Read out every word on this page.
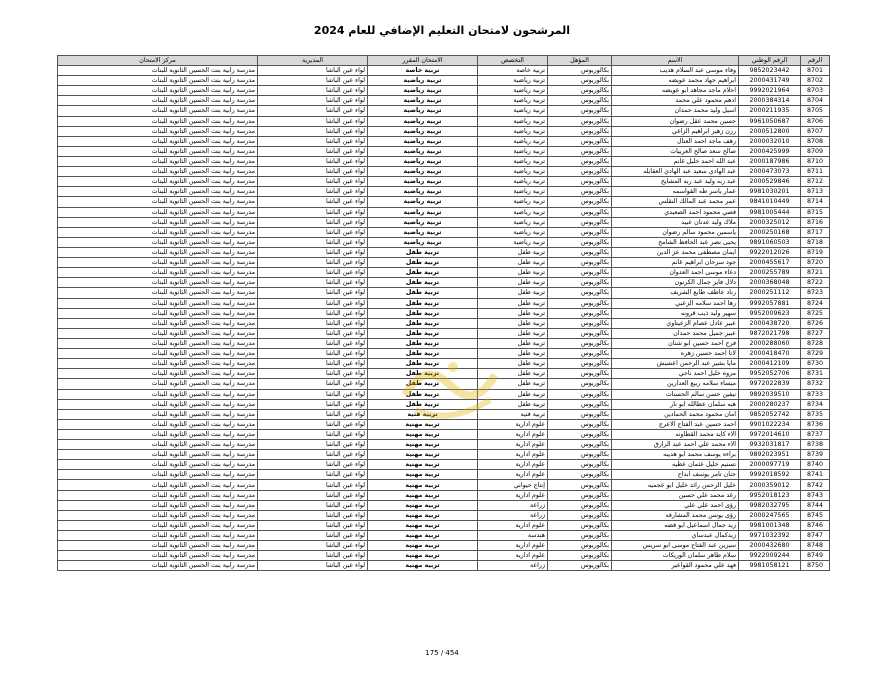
المرشحون لامتحان التعليم الإضافي للعام 2024
الرقم	الرقم الوطني	الاسم	المؤهل	التخصص	الامتحان المقرر	المديرية	مركز الامتحان
8701	9852023442	وفاء موسى عبد السلام هديب	بكالوريوس	تربية خاصة	تربية خاصة	لواء عين الباشا	مدرسة رابية بنت الحسين الثانوية للبنات
8702	2000431749	ابراهيم جهاد محمد عويضه	بكالوريوس	تربية رياضية	تربية رياضية	لواء عين الباشا	مدرسة رابية بنت الحسين الثانوية للبنات
8703	9992021964	احلام ماجد مجاهد ابو عويضه	بكالوريوس	تربية رياضية	تربية رياضية	لواء عين الباشا	مدرسة رابية بنت الحسين الثانوية للبنات
8704	2000384314	ادهم محمود علي محمد	بكالوريوس	تربية رياضية	تربية رياضية	لواء عين الباشا	مدرسة رابية بنت الحسين الثانوية للبنات
8705	2000211935	اسيل وليد محمد حمدان	بكالوريوس	تربية رياضية	تربية رياضية	لواء عين الباشا	مدرسة رابية بنت الحسين الثانوية للبنات
8706	9961050687	حسين محمد عقل رضوان	بكالوريوس	تربية رياضية	تربية رياضية	لواء عين الباشا	مدرسة رابية بنت الحسين الثانوية للبنات
8707	2000512800	رزن زهير ابراهيم الزاغي	بكالوريوس	تربية رياضية	تربية رياضية	لواء عين الباشا	مدرسة رابية بنت الحسين الثانوية للبنات
8708	2000032010	رهف ماجد احمد العتال	بكالوريوس	تربية رياضية	تربية رياضية	لواء عين الباشا	مدرسة رابية بنت الحسين الثانوية للبنات
8709	2000425999	صالح سعد صالح العربيات	بكالوريوس	تربية رياضية	تربية رياضية	لواء عين الباشا	مدرسة رابية بنت الحسين الثانوية للبنات
8710	2000187986	عبد الله احمد خليل غانم	بكالوريوس	تربية رياضية	تربية رياضية	لواء عين الباشا	مدرسة رابية بنت الحسين الثانوية للبنات
8711	2000473073	عبد الهادي سعيد عبد الهادي العقايله	بكالوريوس	تربية رياضية	تربية رياضية	لواء عين الباشا	مدرسة رابية بنت الحسين الثانوية للبنات
8712	2000529846	عبد ربه وليد عبد ربه المشايخ	بكالوريوس	تربية رياضية	تربية رياضية	لواء عين الباشا	مدرسة رابية بنت الحسين الثانوية للبنات
8713	9981030201	عمار ياسر طه القواسمه	بكالوريوس	تربية رياضية	تربية رياضية	لواء عين الباشا	مدرسة رابية بنت الحسين الثانوية للبنات
8714	9841010449	عمر محمد عبد المالك النقلس	بكالوريوس	تربية رياضية	تربية رياضية	لواء عين الباشا	مدرسة رابية بنت الحسين الثانوية للبنات
8715	9981005444	قصي محمود احمد الصعيدي	بكالوريوس	تربية رياضية	تربية رياضية	لواء عين الباشا	مدرسة رابية بنت الحسين الثانوية للبنات
8716	2000325012	ملاك وليد عدنان عبيد	بكالوريوس	تربية رياضية	تربية رياضية	لواء عين الباشا	مدرسة رابية بنت الحسين الثانوية للبنات
8717	2000250168	ياسمين محمود سالم رضوان	بكالوريوس	تربية رياضية	تربية رياضية	لواء عين الباشا	مدرسة رابية بنت الحسين الثانوية للبنات
8718	9891060503	يحيى نصر عبد الحافظ الشامخ	بكالوريوس	تربية رياضية	تربية رياضية	لواء عين الباشا	مدرسة رابية بنت الحسين الثانوية للبنات
8719	9922012026	ايمان مصطفى محمد عز الدين	بكالوريوس	تربية طفل	تربية طفل	لواء عين الباشا	مدرسة رابية بنت الحسين الثانوية للبنات
8720	2000455617	جود سرحان ابراهيم غانم	بكالوريوس	تربية طفل	تربية طفل	لواء عين الباشا	مدرسة رابية بنت الحسين الثانوية للبنات
8721	2000255789	دعاء موسى احمد العدوان	بكالوريوس	تربية طفل	تربية طفل	لواء عين الباشا	مدرسة رابية بنت الحسين الثانوية للبنات
8722	2000368048	دلال فايز جمال الكرنون	بكالوريوس	تربية طفل	تربية طفل	لواء عين الباشا	مدرسة رابية بنت الحسين الثانوية للبنات
8723	2000251112	رناد عاطف طايع الشريف	بكالوريوس	تربية طفل	تربية طفل	لواء عين الباشا	مدرسة رابية بنت الحسين الثانوية للبنات
8724	9992057881	رها احمد سلامه الزعبي	بكالوريوس	تربية طفل	تربية طفل	لواء عين الباشا	مدرسة رابية بنت الحسين الثانوية للبنات
8725	9952009623	سهير وليد ذيب قرونه	بكالوريوس	تربية طفل	تربية طفل	لواء عين الباشا	مدرسة رابية بنت الحسين الثانوية للبنات
8726	2000438720	عبير عادل عصام الزعيتاوي	بكالوريوس	تربية طفل	تربية طفل	لواء عين الباشا	مدرسة رابية بنت الحسين الثانوية للبنات
8727	9872021798	عبير جميل محمد حمدان	بكالوريوس	تربية طفل	تربية طفل	لواء عين الباشا	مدرسة رابية بنت الحسين الثانوية للبنات
8728	2000288060	فرح احمد حسين ابو شنان	بكالوريوس	تربية طفل	تربية طفل	لواء عين الباشا	مدرسة رابية بنت الحسين الثانوية للبنات
8729	2000418470	لانا احمد حسين زهره	بكالوريوس	تربية طفل	تربية طفل	لواء عين الباشا	مدرسة رابية بنت الحسين الثانوية للبنات
8730	2000412109	مايا بشير عبد الرحمن اعشيش	بكالوريوس	تربية طفل	تربية طفل	لواء عين الباشا	مدرسة رابية بنت الحسين الثانوية للبنات
8731	9952052706	مروه خليل احمد ناجي	بكالوريوس	تربية طفل	تربية طفل	لواء عين الباشا	مدرسة رابية بنت الحسين الثانوية للبنات
8732	9972022839	ميساء سلامه ربيع العدارين	بكالوريوس	تربية طفل	تربية طفل	لواء عين الباشا	مدرسة رابية بنت الحسين الثانوية للبنات
8733	9892039510	نيفين حسن سالم الحسنات	بكالوريوس	تربية طفل	تربية طفل	لواء عين الباشا	مدرسة رابية بنت الحسين الثانوية للبنات
8734	2000280237	هبه سلمان عطالله ابو نار	بكالوريوس	تربية طفل	تربية طفل	لواء عين الباشا	مدرسة رابية بنت الحسين الثانوية للبنات
8735	9852052742	امان محمود محمد الحمادين	بكالوريوس	تربية فنية	تربية فنية	لواء عين الباشا	مدرسة رابية بنت الحسين الثانوية للبنات
8736	9901022234	احمد حسين عبد الفتاح الاعرج	بكالوريوس	علوم ادارية	تربية مهنية	لواء عين الباشا	مدرسة رابية بنت الحسين الثانوية للبنات
8737	9972014610	الاء كايد محمد القطاونه	بكالوريوس	علوم ادارية	تربية مهنية	لواء عين الباشا	مدرسة رابية بنت الحسين الثانوية للبنات
8738	9932031817	الاء محمد علي احمد عبد الرازق	بكالوريوس	علوم ادارية	تربية مهنية	لواء عين الباشا	مدرسة رابية بنت الحسين الثانوية للبنات
8739	9892023951	براءه يوسف محمد ابو هديبه	بكالوريوس	علوم ادارية	تربية مهنية	لواء عين الباشا	مدرسة رابية بنت الحسين الثانوية للبنات
8740	2000097719	تسنيم خليل عثمان عطيه	بكالوريوس	علوم ادارية	تربية مهنية	لواء عين الباشا	مدرسة رابية بنت الحسين الثانوية للبنات
8741	9992018592	حنان تامر يوسف ابداح	بكالوريوس	علوم ادارية	تربية مهنية	لواء عين الباشا	مدرسة رابية بنت الحسين الثانوية للبنات
8742	2000359012	خليل الرحمن رائد خليل ابو عجميه	بكالوريوس	إنتاج حيواني	تربية مهنية	لواء عين الباشا	مدرسة رابية بنت الحسين الثانوية للبنات
8743	9952018123	رغد محمد علي حسين	بكالوريوس	علوم ادارية	تربية مهنية	لواء عين الباشا	مدرسة رابية بنت الحسين الثانوية للبنات
8744	9982032795	رؤى احمد علي علي	بكالوريوس	زراعة	تربية مهنية	لواء عين الباشا	مدرسة رابية بنت الحسين الثانوية للبنات
8745	2000247565	رؤى يونس محمد المشارفه	بكالوريوس	زراعة	تربية مهنية	لواء عين الباشا	مدرسة رابية بنت الحسين الثانوية للبنات
8746	9981001348	زيد جمال اسماعيل ابو فضه	بكالوريوس	علوم ادارية	تربية مهنية	لواء عين الباشا	مدرسة رابية بنت الحسين الثانوية للبنات
8747	9971032392	زيدكمال عبدساي	بكالوريوس	هندسة	تربية مهنية	لواء عين الباشا	مدرسة رابية بنت الحسين الثانوية للبنات
8748	2000432680	سيرين عبد الفتاح موسى ابو سريس	بكالوريوس	علوم ادارية	تربية مهنية	لواء عين الباشا	مدرسة رابية بنت الحسين الثانوية للبنات
8749	9922009244	سلام طاهر سلمان الوريكات	بكالوريوس	علوم ادارية	تربية مهنية	لواء عين الباشا	مدرسة رابية بنت الحسين الثانوية للبنات
8750	9981058121	فهد علي محمود القواعير	بكالوريوس	زراعة	تربية مهنية	لواء عين الباشا	مدرسة رابية بنت الحسين الثانوية للبنات
175 / 454
